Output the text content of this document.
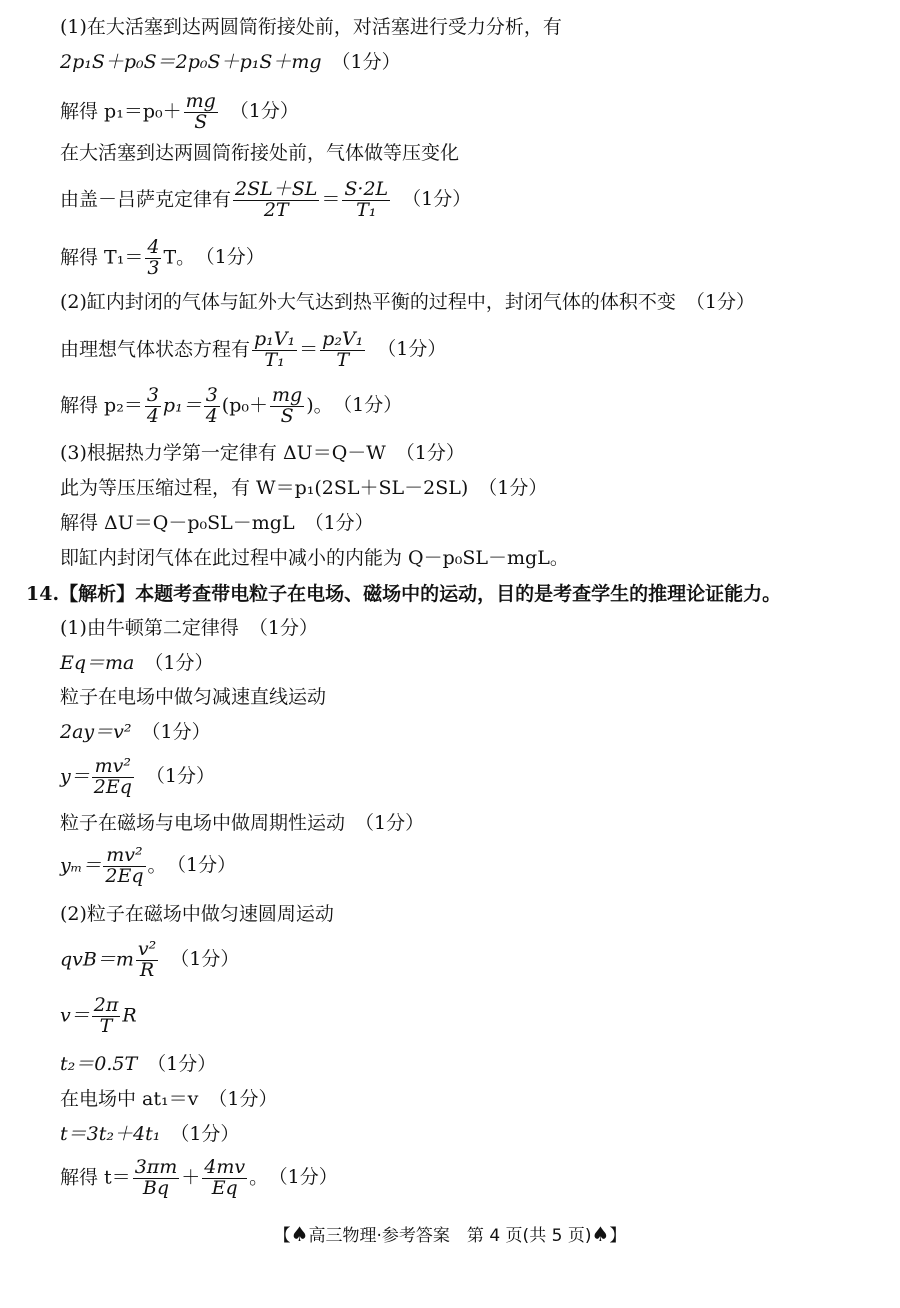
(1)在大活塞到达两圆筒衔接处前，对活塞进行受力分析，有
2p₁S＋p₀S＝2p₀S＋p₁S＋mg （1分）
解得 $p_1=p_0+ \frac{mg}{S} (1$分）
在大活塞到达两圆筒衔接处前，气体做等压变化
由盖－吕萨克定律有 $\frac{2SL+SL}{2T} = \frac{S\cdot 2L}{\text{T₁}} (1$分）
解得 $T_1= \frac{4}{3}$ T。 （1分）
(2)缸内封闭的气体与缸外大气达到热平衡的过程中，封闭气体的体积不变 （1分）
由理想气体状态方程有 $\frac{\text{p₁V₁}}{\text{T₁}} = \frac{\text{p₂V₁}}{T} (1$分）
解得 $p_2= \frac{3}{4} p_1= \frac{3}{4} (p_0+ \frac{mg}{S}$ )。 （1分）
(3)根据热力学第一定律有 ΔU＝Q－W （1分）
此为等压压缩过程，有 W＝p₁(2SL＋SL－2SL) （1分）
解得 ΔU＝Q－p₀SL－mgL （1分）
即缸内封闭气体在此过程中减小的内能为 Q－p₀SL－mgL。
14.【解析】本题考查带电粒子在电场、磁场中的运动，目的是考查学生的推理论证能力。
(1)由牛顿第二定律得 （1分）
Eq＝ma （1分）
粒子在电场中做匀减速直线运动
2ay＝v² （1分）
$y= \frac{\text{mv²}}{2Eq} (1$分）
粒子在磁场与电场中做周期性运动 （1分）
$y_m= \frac{\text{mv²}}{2Eq}$ 。 （1分）
(2)粒子在磁场中做匀速圆周运动
$qvB=m \frac{\text{v²}}{R} (1$分）
$v= \frac{2\pi}{T}$ R
t₂＝0.5T （1分）
在电场中 at₁＝v （1分）
t＝3t₂＋4t₁ （1分）
解得 $t= \frac{3\pi m}{Bq} + \frac{4mv}{Eq}$ 。 （1分）
【♠高三物理·参考答案　第 4 页(共 5 页)♠】
